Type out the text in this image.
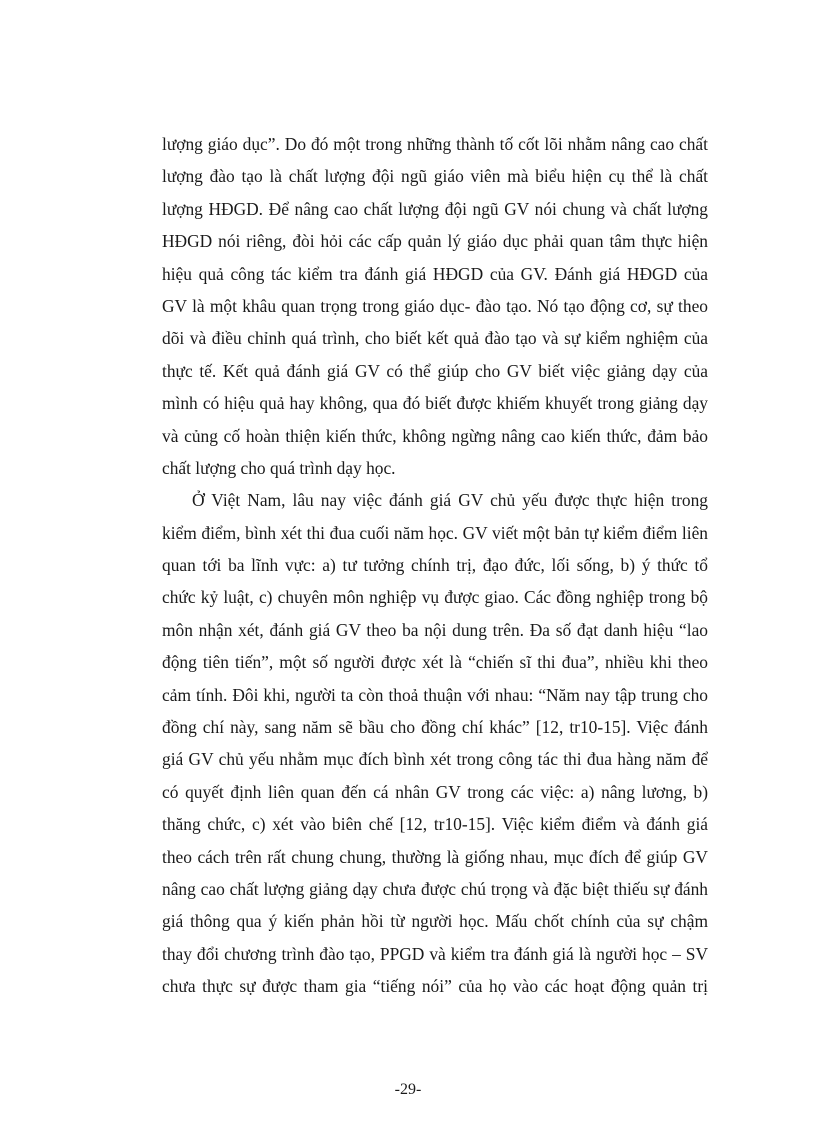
lượng giáo dục”. Do đó một trong những thành tố cốt lõi nhằm nâng cao chất
lượng đào tạo là chất lượng đội ngũ giáo viên mà biểu hiện cụ thể là chất
lượng HĐGD. Để nâng cao chất lượng đội ngũ GV nói chung và chất lượng
HĐGD nói riêng, đòi hỏi các cấp quản lý giáo dục phải quan tâm thực hiện
hiệu quả công tác kiểm tra đánh giá HĐGD của GV. Đánh giá HĐGD của
GV là một khâu quan trọng trong giáo dục- đào tạo. Nó tạo động cơ, sự theo
dõi và điều chỉnh quá trình, cho biết kết quả đào tạo và sự kiểm nghiệm của
thực tế. Kết quả đánh giá GV có thể giúp cho GV biết việc giảng dạy của
mình có hiệu quả hay không, qua đó biết được khiếm khuyết trong giảng dạy
và củng cố hoàn thiện kiến thức, không ngừng nâng cao kiến thức, đảm bảo
chất lượng cho quá trình dạy học.
Ở Việt Nam, lâu nay việc đánh giá GV chủ yếu được thực hiện trong
kiểm điểm, bình xét thi đua cuối năm học. GV viết một bản tự kiểm điểm liên
quan tới ba lĩnh vực: a) tư tưởng chính trị, đạo đức, lối sống, b) ý thức tổ
chức kỷ luật, c) chuyên môn nghiệp vụ được giao. Các đồng nghiệp trong bộ
môn nhận xét, đánh giá GV theo ba nội dung trên. Đa số đạt danh hiệu “lao
động tiên tiến”, một số người được xét là “chiến sĩ thi đua”, nhiều khi theo
cảm tính. Đôi khi, người ta còn thoả thuận với nhau: “Năm nay tập trung cho
đồng chí này, sang năm sẽ bầu cho đồng chí khác” [12, tr10-15]. Việc đánh
giá GV chủ yếu nhằm mục đích bình xét trong công tác thi đua hàng năm để
có quyết định liên quan đến cá nhân GV trong các việc: a) nâng lương, b)
thăng chức, c) xét vào biên chế [12, tr10-15]. Việc kiểm điểm và đánh giá
theo cách trên rất chung chung, thường là giống nhau, mục đích để giúp GV
nâng cao chất lượng giảng dạy chưa được chú trọng và đặc biệt thiếu sự đánh
giá thông qua ý kiến phản hồi từ người học. Mấu chốt chính của sự chậm
thay đổi chương trình đào tạo, PPGD và kiểm tra đánh giá là người học – SV
chưa thực sự được tham gia “tiếng nói” của họ vào các hoạt động quản trị
-29-
